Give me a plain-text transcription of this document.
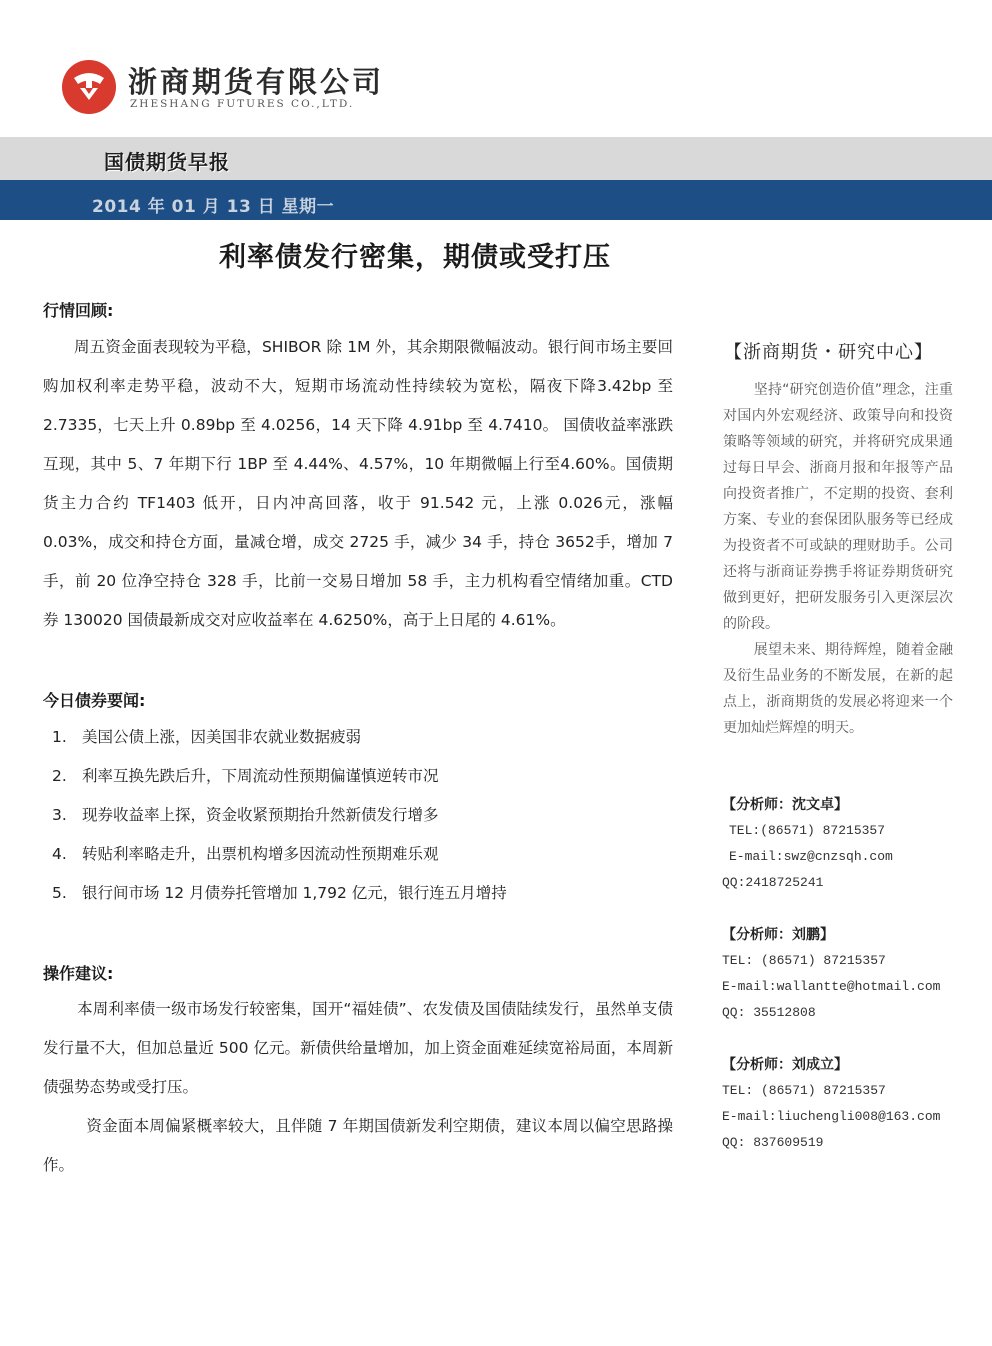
浙商期货有限公司
ZHESHANG FUTURES CO.,LTD.
国债期货早报
2014 年 01 月 13 日 星期一
利率债发行密集，期债或受打压
行情回顾:

周五资金面表现较为平稳，SHIBOR 除 1M 外，其余期限微幅波动。银行间市场主要回购加权利率走势平稳，波动不大，短期市场流动性持续较为宽松，隔夜下降3.42bp 至 2.7335，七天上升 0.89bp 至 4.0256，14 天下降 4.91bp 至 4.7410。 国债收益率涨跌互现，其中 5、7 年期下行 1BP 至 4.44%、4.57%，10 年期微幅上行至4.60%。国债期货主力合约 TF1403 低开，日内冲高回落，收于 91.542 元，上涨 0.026元，涨幅 0.03%，成交和持仓方面，量减仓增，成交 2725 手，减少 34 手，持仓 3652手，增加 7 手，前 20 位净空持仓 328 手，比前一交易日增加 58 手，主力机构看空情绪加重。CTD 券 130020 国债最新成交对应收益率在 4.6250%，高于上日尾的 4.61%。

今日债券要闻:
1. 美国公债上涨，因美国非农就业数据疲弱
2. 利率互换先跌后升，下周流动性预期偏谨慎逆转市况
3. 现券收益率上探，资金收紧预期抬升然新债发行增多
4. 转贴利率略走升，出票机构增多因流动性预期难乐观
5. 银行间市场 12 月债券托管增加 1,792 亿元，银行连五月增持
操作建议:

本周利率债一级市场发行较密集，国开“福娃债”、农发债及国债陆续发行，虽然单支债发行量不大，但加总量近 500 亿元。新债供给量增加，加上资金面难延续宽裕局面，本周新债强势态势或受打压。

资金面本周偏紧概率较大，且伴随 7 年期国债新发利空期债，建议本周以偏空思路操作。

【浙商期货・研究中心】

坚持“研究创造价值”理念，注重对国内外宏观经济、政策导向和投资策略等领域的研究，并将研究成果通过每日早会、浙商月报和年报等产品向投资者推广，不定期的投资、套利方案、专业的套保团队服务等已经成为投资者不可或缺的理财助手。公司还将与浙商证券携手将证券期货研究做到更好，把研发服务引入更深层次的阶段。

展望未来、期待辉煌，随着金融及衍生品业务的不断发展，在新的起点上，浙商期货的发展必将迎来一个更加灿烂辉煌的明天。

【分析师：沈文卓】
TEL:(86571) 87215357
E-mail:swz@cnzsqh.com
QQ:2418725241
【分析师：刘鹏】
TEL: (86571) 87215357
E-mail:wallantte@hotmail.com
QQ: 35512808
【分析师：刘成立】
TEL: (86571) 87215357
E-mail:liuchengli008@163.com
QQ: 837609519
